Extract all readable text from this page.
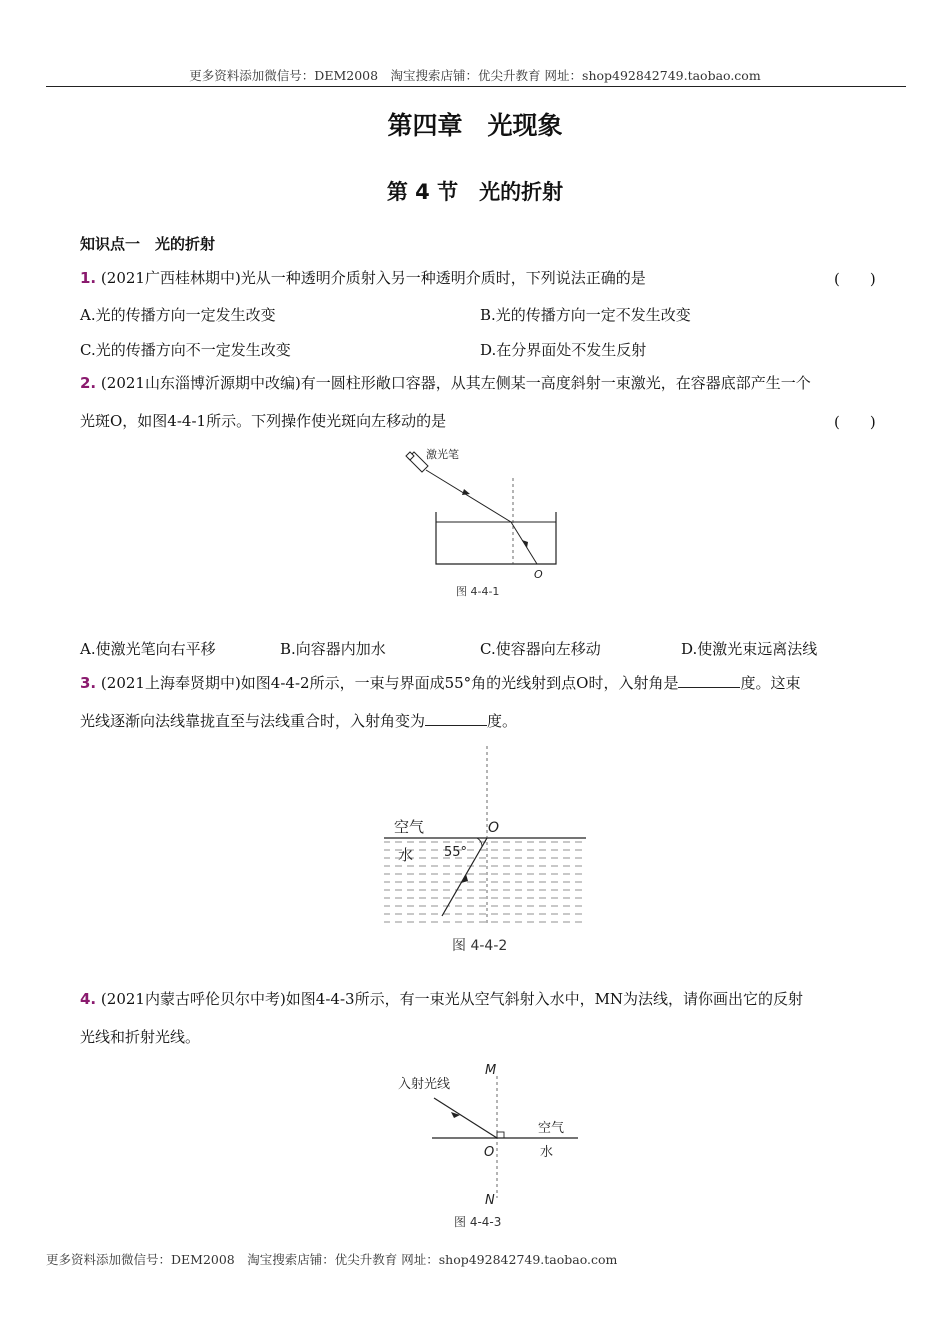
更多资料添加微信号：DEM2008　淘宝搜索店铺：优尖升教育 网址：shop492842749.taobao.com
第四章　光现象
第 4 节　光的折射
知识点一　光的折射
1. (2021广西桂林期中)光从一种透明介质射入另一种透明介质时，下列说法正确的是	(　　)
A.光的传播方向一定发生改变	B.光的传播方向一定不发生改变
C.光的传播方向不一定发生改变	D.在分界面处不发生反射
2. (2021山东淄博沂源期中改编)有一圆柱形敞口容器，从其左侧某一高度斜射一束激光，在容器底部产生一个
光斑O，如图4-4-1所示。下列操作使光斑向左移动的是	(　　)
激光笔
O
图 4-4-1
A.使激光笔向右平移	B.向容器内加水	C.使容器向左移动	D.使激光束远离法线
3. (2021上海奉贤期中)如图4-4-2所示，一束与界面成55°角的光线射到点O时，入射角是	度。这束
光线逐渐向法线靠拢直至与法线重合时，入射角变为	度。
空气
水 55°
O
图 4-4-2
4. (2021内蒙古呼伦贝尔中考)如图4-4-3所示，有一束光从空气斜射入水中，MN为法线，请你画出它的反射
光线和折射光线。
入射光线
M
N
O
空气
水
图 4-4-3
更多资料添加微信号：DEM2008　淘宝搜索店铺：优尖升教育 网址：shop492842749.taobao.com
